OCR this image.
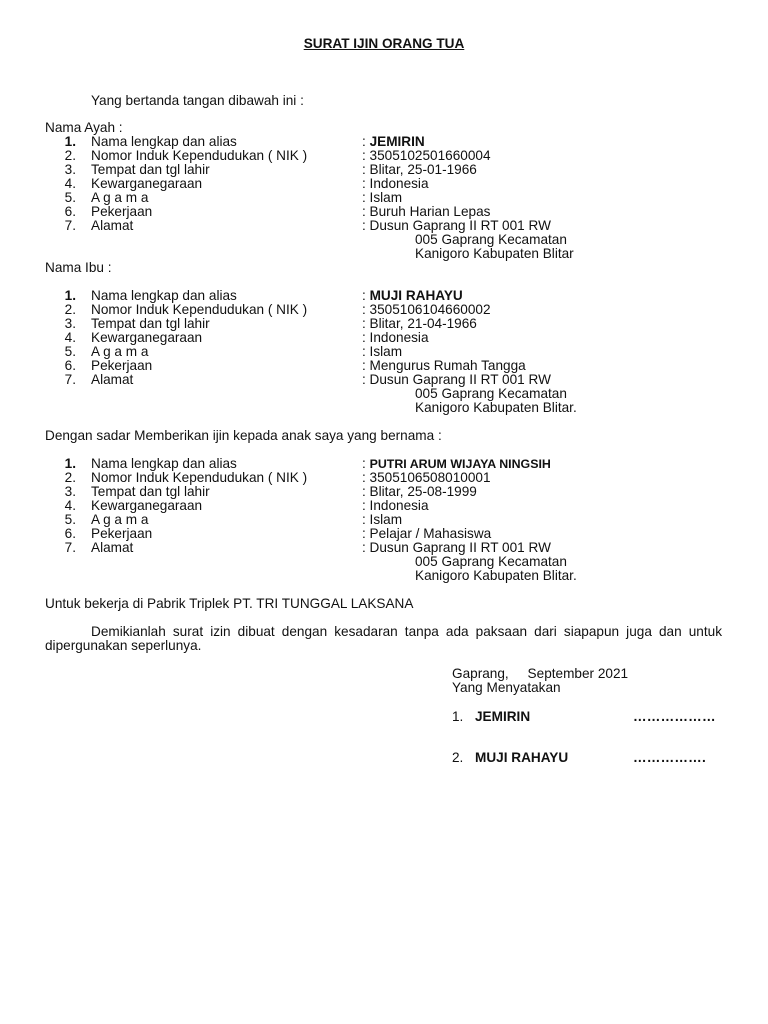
SURAT IJIN ORANG TUA
Yang bertanda tangan dibawah ini :
Nama Ayah :
1. Nama lengkap dan alias	: JEMIRIN
2. Nomor Induk Kependudukan ( NIK )	: 3505102501660004
3. Tempat dan tgl lahir	: Blitar, 25-01-1966
4. Kewarganegaraan	: Indonesia
5. A g a m a	: Islam
6. Pekerjaan	: Buruh Harian Lepas
7. Alamat	: Dusun Gaprang II RT 001 RW
005 Gaprang Kecamatan
Kanigoro Kabupaten Blitar
Nama Ibu :
1. Nama lengkap dan alias	: MUJI RAHAYU
2. Nomor Induk Kependudukan ( NIK )	: 3505106104660002
3. Tempat dan tgl lahir	: Blitar, 21-04-1966
4. Kewarganegaraan	: Indonesia
5. A g a m a	: Islam
6. Pekerjaan	: Mengurus Rumah Tangga
7. Alamat	: Dusun Gaprang II RT 001 RW
005 Gaprang Kecamatan
Kanigoro Kabupaten Blitar.
Dengan sadar Memberikan ijin kepada anak saya yang bernama :
1. Nama lengkap dan alias	: PUTRI ARUM WIJAYA NINGSIH
2. Nomor Induk Kependudukan ( NIK )	: 3505106508010001
3. Tempat dan tgl lahir	: Blitar, 25-08-1999
4. Kewarganegaraan	: Indonesia
5. A g a m a	: Islam
6. Pekerjaan	: Pelajar / Mahasiswa
7. Alamat	: Dusun Gaprang II RT 001 RW
005 Gaprang Kecamatan
Kanigoro Kabupaten Blitar.
Untuk bekerja di Pabrik Triplek PT. TRI TUNGGAL LAKSANA
Demikianlah surat izin dibuat dengan kesadaran tanpa ada paksaan dari siapapun juga dan untuk dipergunakan seperlunya.
Gaprang,     September 2021
Yang Menyatakan
1. JEMIRIN	………………
2. MUJI RAHAYU	…………….
